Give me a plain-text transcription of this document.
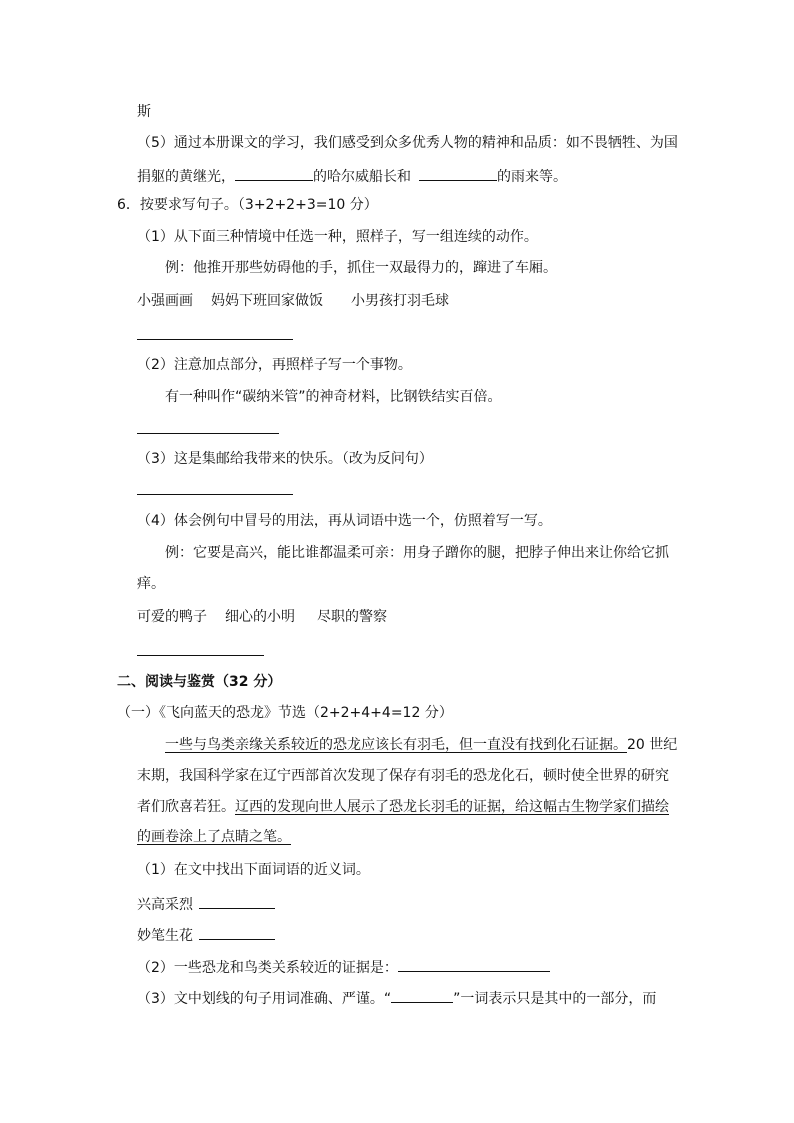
斯
（5）通过本册课文的学习，我们感受到众多优秀人物的精神和品质：如不畏牺牲、为国
捐躯的黄继光，	的哈尔威船长和	的雨来等。
6．按要求写句子。（3+2+2+3=10 分）
（1）从下面三种情境中任选一种，照样子，写一组连续的动作。
例：他推开那些妨碍他的手，抓住一双最得力的，蹿进了车厢。
小强画画 妈妈下班回家做饭 小男孩打羽毛球
（2）注意加点部分，再照样子写一个事物。
有一种叫作“碳纳米管”的神奇材料，比钢铁结实百倍。
（3）这是集邮给我带来的快乐。（改为反问句）
（4）体会例句中冒号的用法，再从词语中选一个，仿照着写一写。
例：它要是高兴，能比谁都温柔可亲：用身子蹭你的腿，把脖子伸出来让你给它抓
痒。
可爱的鸭子 细心的小明 尽职的警察
二、阅读与鉴赏（32 分）
（一）《飞向蓝天的恐龙》节选（2+2+4+4=12 分）
一些与鸟类亲缘关系较近的恐龙应该长有羽毛，但一直没有找到化石证据。20 世纪
末期，我国科学家在辽宁西部首次发现了保存有羽毛的恐龙化石，顿时使全世界的研究
者们欣喜若狂。辽西的发现向世人展示了恐龙长羽毛的证据，给这幅古生物学家们描绘
的画卷涂上了点睛之笔。
（1）在文中找出下面词语的近义词。
兴高采烈
妙笔生花
（2）一些恐龙和鸟类关系较近的证据是：
（3）文中划线的句子用词准确、严谨。“	”一词表示只是其中的一部分，而
